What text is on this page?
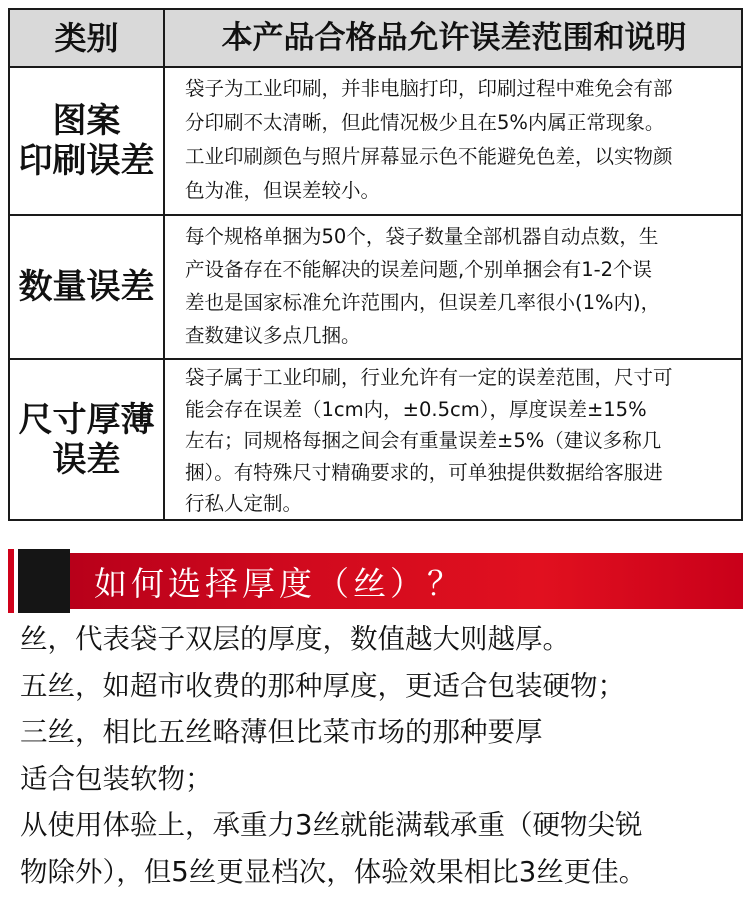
类别	本产品合格品允许误差范围和说明
图案
印刷误差
袋子为工业印刷，并非电脑打印，印刷过程中难免会有部
分印刷不太清晰，但此情况极少且在5%内属正常现象。
工业印刷颜色与照片屏幕显示色不能避免色差，以实物颜
色为准，但误差较小。
数量误差
每个规格单捆为50个，袋子数量全部机器自动点数，生
产设备存在不能解决的误差问题,个别单捆会有1-2个误
差也是国家标准允许范围内，但误差几率很小(1%内)，
查数建议多点几捆。
尺寸厚薄
误差
袋子属于工业印刷，行业允许有一定的误差范围，尺寸可
能会存在误差（1cm内，±0.5cm），厚度误差±15%
左右；同规格每捆之间会有重量误差±5%（建议多称几
捆）。有特殊尺寸精确要求的，可单独提供数据给客服进
行私人定制。
如何选择厚度（丝）？
丝，代表袋子双层的厚度，数值越大则越厚。
五丝，如超市收费的那种厚度，更适合包装硬物；
三丝，相比五丝略薄但比菜市场的那种要厚
适合包装软物；
从使用体验上，承重力3丝就能满载承重（硬物尖锐
物除外），但5丝更显档次，体验效果相比3丝更佳。
